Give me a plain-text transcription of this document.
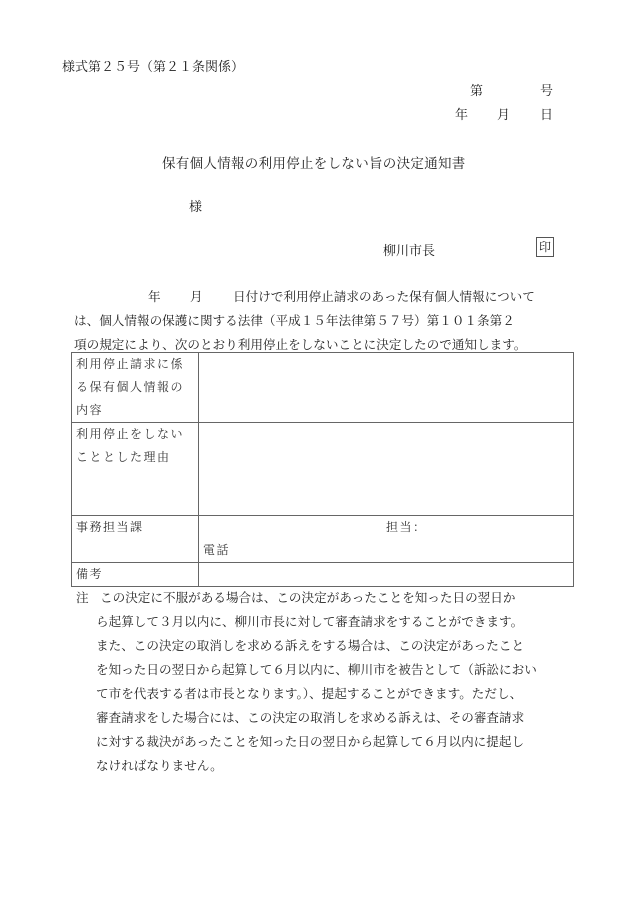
様式第２５号（第２１条関係）
第	号
年 月 日
保有個人情報の利用停止をしない旨の決定通知書
様
柳川市長	印
年	月	日付けで利用停止請求のあった保有個人情報について
は、個人情報の保護に関する法律（平成１５年法律第５７号）第１０１条第２
項の規定により、次のとおり利用停止をしないことに決定したので通知します。
利用停止請求に係
る保有個人情報の
内容	

利用停止をしない
こととした理由	

事務担当課	担当：
電話

備考	

注 この決定に不服がある場合は、この決定があったことを知った日の翌日か
ら起算して３月以内に、柳川市長に対して審査請求をすることができます。
また、この決定の取消しを求める訴えをする場合は、この決定があったこと
を知った日の翌日から起算して６月以内に、柳川市を被告として（訴訟におい
て市を代表する者は市長となります。）、提起することができます。ただし、
審査請求をした場合には、この決定の取消しを求める訴えは、その審査請求
に対する裁決があったことを知った日の翌日から起算して６月以内に提起し
なければなりません。
